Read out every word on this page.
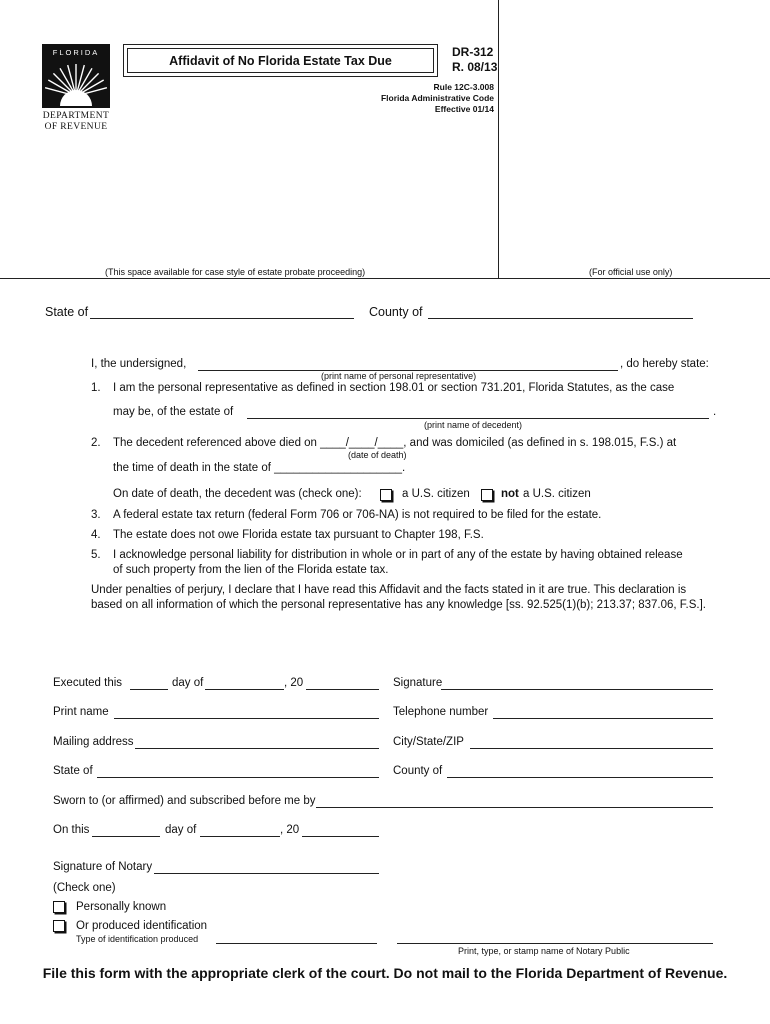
FLORIDA
DEPARTMENT
OF REVENUE
Affidavit of No Florida Estate Tax Due
DR-312
R. 08/13
Rule 12C-3.008
Florida Administrative Code
Effective 01/14
(This space available for case style of estate probate proceeding)	(For official use only)
State of	County of
I, the undersigned,	, do hereby state:
(print name of personal representative)
1. I am the personal representative as defined in section 198.01 or section 731.201, Florida Statutes, as the case
may be, of the estate of	.
(print name of decedent)
2. The decedent referenced above died on ____/____/____, and was domiciled (as defined in s. 198.015, F.S.) at
(date of death)
the time of death in the state of ____________________.
On date of death, the decedent was (check one):	a U.S. citizen	not a U.S. citizen
3. A federal estate tax return (federal Form 706 or 706-NA) is not required to be filed for the estate.
4. The estate does not owe Florida estate tax pursuant to Chapter 198, F.S.
5. I acknowledge personal liability for distribution in whole or in part of any of the estate by having obtained release
of such property from the lien of the Florida estate tax.
Under penalties of perjury, I declare that I have read this Affidavit and the facts stated in it are true. This declaration is
based on all information of which the personal representative has any knowledge [ss. 92.525(1)(b); 213.37; 837.06, F.S.].
Executed this	day of	, 20	Signature
Print name	Telephone number
Mailing address	City/State/ZIP
State of	County of
Sworn to (or affirmed) and subscribed before me by
On this	day of	, 20
Signature of Notary
(Check one)
Personally known
Or produced identification
Type of identification produced
Print, type, or stamp name of Notary Public
File this form with the appropriate clerk of the court. Do not mail to the Florida Department of Revenue.
